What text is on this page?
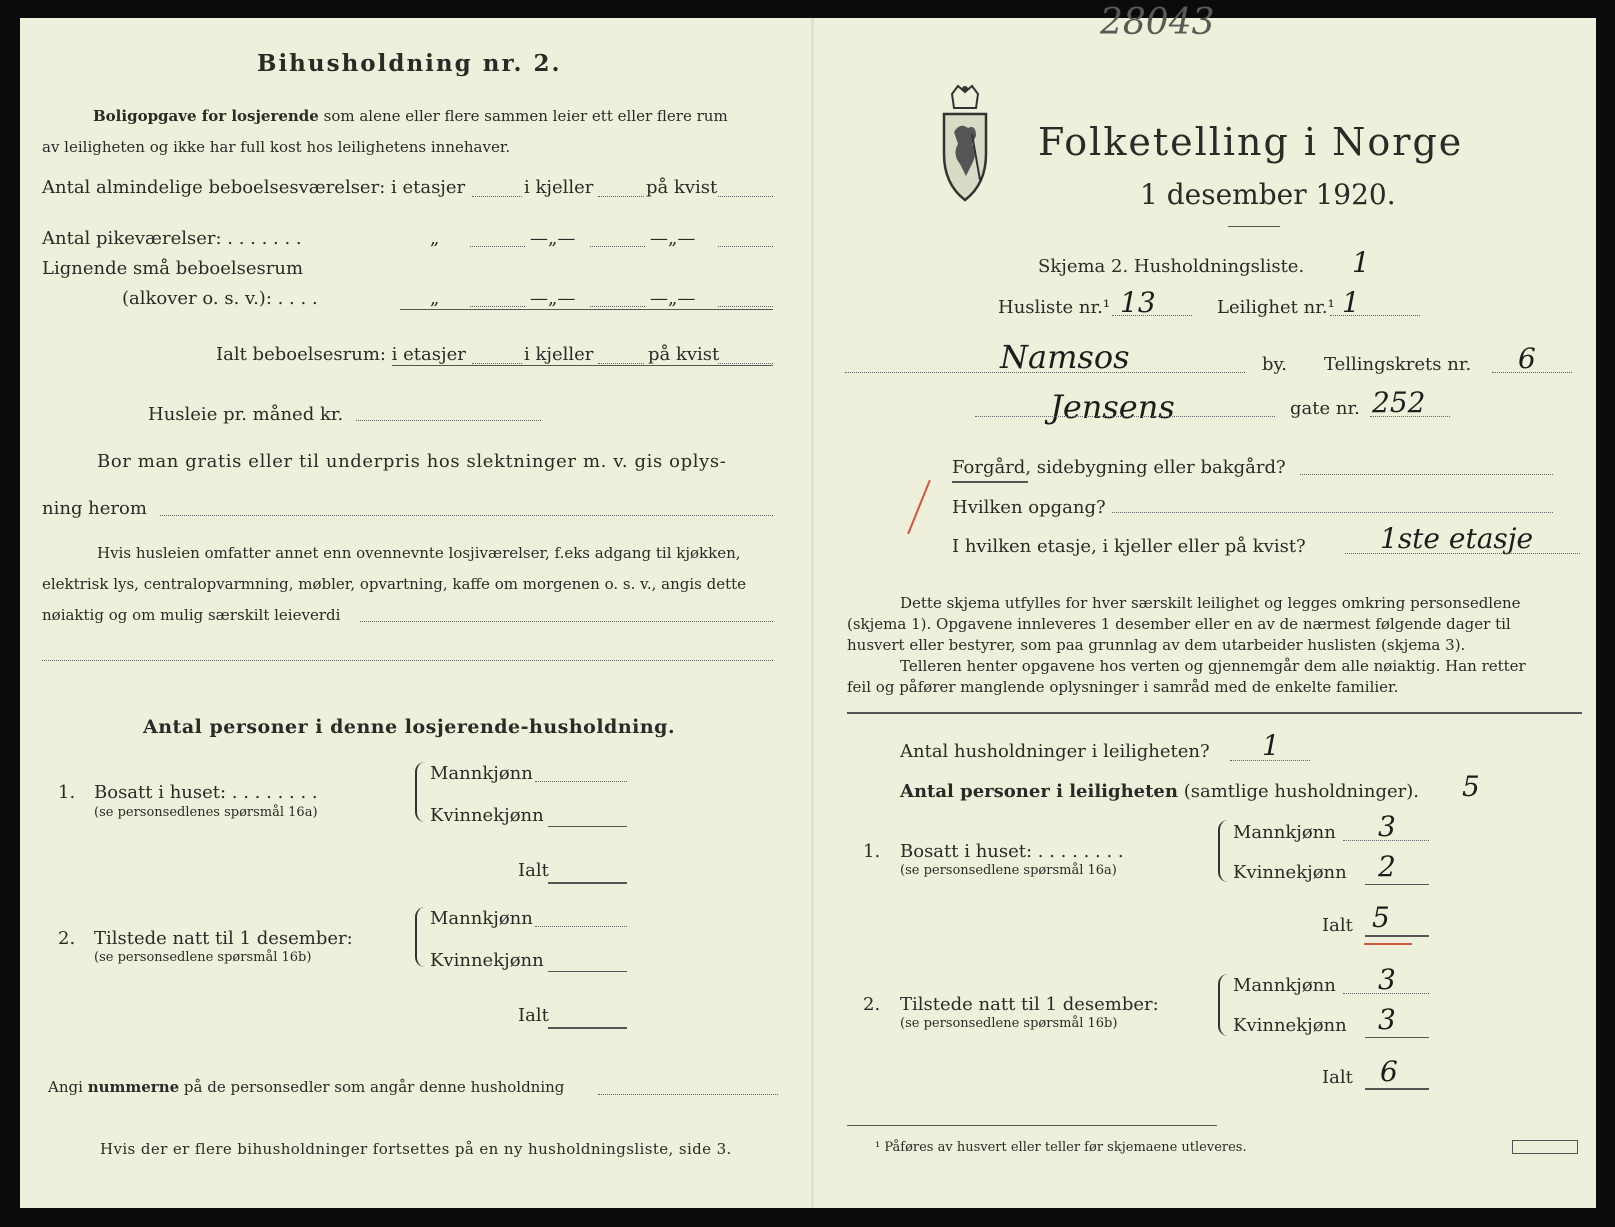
28043
Bihusholdning nr. 2.
Boligopgave for losjerende som alene eller flere sammen leier ett eller flere rum
av leiligheten og ikke har full kost hos leilighetens innehaver.
Antal almindelige beboelsesværelser: i etasjer	i kjeller	på kvist
Antal pikeværelser: . . . . . . .	„	—„—	—„—
Lignende små beboelsesrum
(alkover o. s. v.): . . . .	„	—„—	—„—
Ialt beboelsesrum: i etasjer	i kjeller	på kvist
Husleie pr. måned kr.
Bor man gratis eller til underpris hos slektninger m. v. gis oplys-
ning herom
Hvis husleien omfatter annet enn ovennevnte losjiværelser, f.eks adgang til kjøkken,
elektrisk lys, centralopvarmning, møbler, opvartning, kaffe om morgenen o. s. v., angis dette
nøiaktig og om mulig særskilt leieverdi
Antal personer i denne losjerende-husholdning.
1. Bosatt i huset: . . . . . . . .
(se personsedlenes spørsmål 16a)
Mannkjønn
Kvinnekjønn
Ialt
2. Tilstede natt til 1 desember:
(se personsedlene spørsmål 16b)
Mannkjønn
Kvinnekjønn
Ialt
Angi nummerne på de personsedler som angår denne husholdning
Hvis der er flere bihusholdninger fortsettes på en ny husholdningsliste, side 3.
Folketelling i Norge
1 desember 1920.
Skjema 2. Husholdningsliste. 1
Husliste nr.¹ 13	Leilighet nr.¹ 1
Namsos	by. Tellingskrets nr. 6
Jensens	gate nr. 252
Forgård, sidebygning eller bakgård?
Hvilken opgang?
I hvilken etasje, i kjeller eller på kvist?	1ste etasje
Dette skjema utfylles for hver særskilt leilighet og legges omkring personsedlene
(skjema 1). Opgavene innleveres 1 desember eller en av de nærmest følgende dager til
husvert eller bestyrer, som paa grunnlag av dem utarbeider huslisten (skjema 3).
Telleren henter opgavene hos verten og gjennemgår dem alle nøiaktig. Han retter
feil og påfører manglende oplysninger i samråd med de enkelte familier.
Antal husholdninger i leiligheten? 1
Antal personer i leiligheten (samtlige husholdninger). 5
1. Bosatt i huset: . . . . . . . .
(se personsedlene spørsmål 16a)
Mannkjønn 3
Kvinnekjønn 2
Ialt 5
2. Tilstede natt til 1 desember:
(se personsedlene spørsmål 16b)
Mannkjønn 3
Kvinnekjønn 3
Ialt 6
¹ Påføres av husvert eller teller før skjemaene utleveres.
